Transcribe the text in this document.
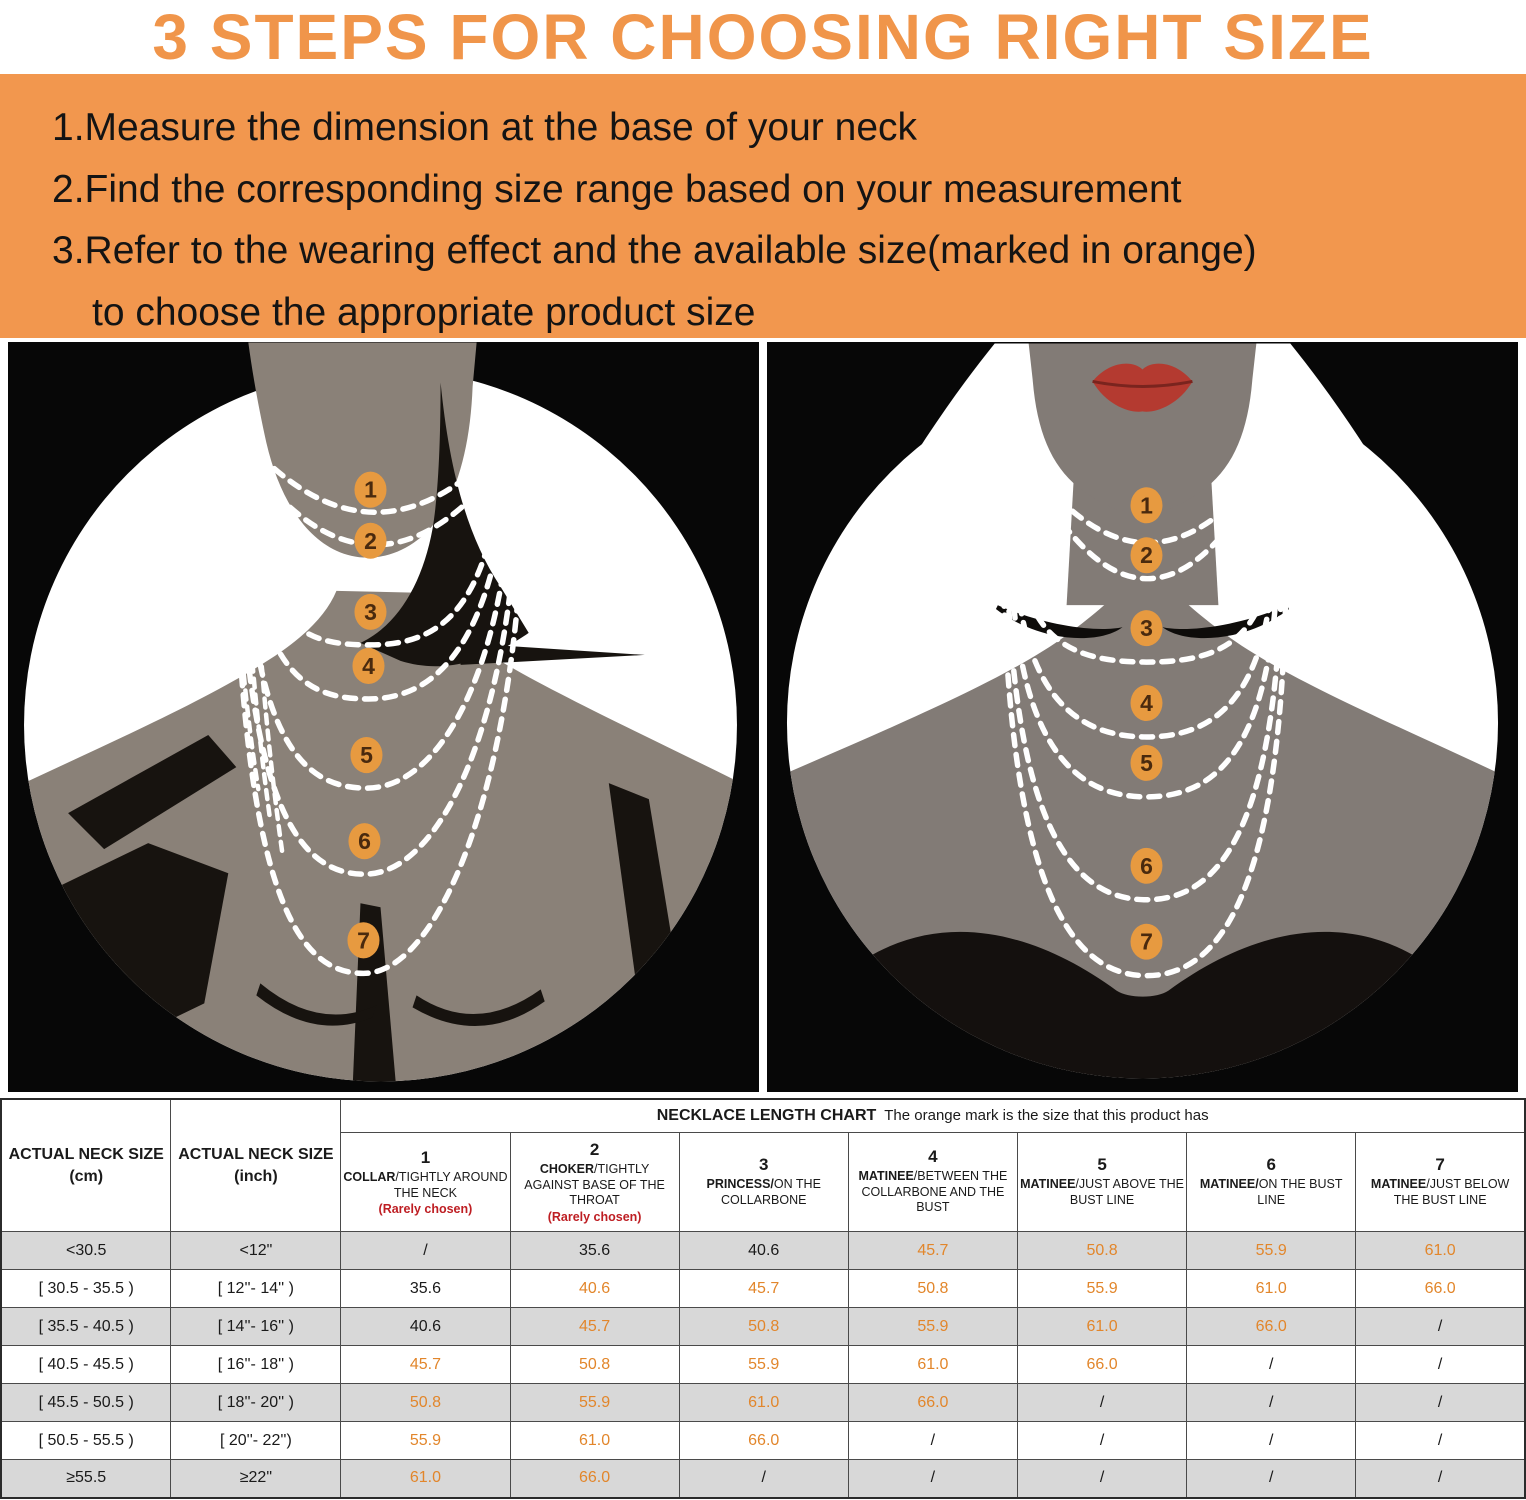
3 STEPS FOR CHOOSING RIGHT SIZE

1.Measure the dimension at the base of your neck

2.Find the corresponding size range based on your measurement

3.Refer to the wearing effect and the available size(marked in orange)

to choose the appropriate product size

1
2
3
4
5
6
7
1
2
3
4
5
6
7
ACTUAL NECK SIZE
(cm)	ACTUAL NECK SIZE
(inch)	NECKLACE LENGTH CHART The orange mark is the size that this product has						

		1
COLLAR/TIGHTLY AROUND THE NECK
(Rarely chosen)	2
CHOKER/TIGHTLY AGAINST BASE OF THE THROAT
(Rarely chosen)	3
PRINCESS/ON THE COLLARBONE	4
MATINEE/BETWEEN THE COLLARBONE AND THE BUST	5
MATINEE/JUST ABOVE THE BUST LINE	6
MATINEE/ON THE BUST LINE	7
MATINEE/JUST BELOW THE BUST LINE

<30.5	<12"	/	35.6	40.6	45.7	50.8	55.9	61.0
[ 30.5 - 35.5 )	[ 12''- 14'' )	35.6	40.6	45.7	50.8	55.9	61.0	66.0
[ 35.5 - 40.5 )	[ 14''- 16'' )	40.6	45.7	50.8	55.9	61.0	66.0	/
[ 40.5 - 45.5 )	[ 16''- 18'' )	45.7	50.8	55.9	61.0	66.0	/	/
[ 45.5 - 50.5 )	[ 18''- 20'' )	50.8	55.9	61.0	66.0	/	/	/
[ 50.5 - 55.5 )	[ 20''- 22'')	55.9	61.0	66.0	/	/	/	/
≥55.5	≥22"	61.0	66.0	/	/	/	/	/
